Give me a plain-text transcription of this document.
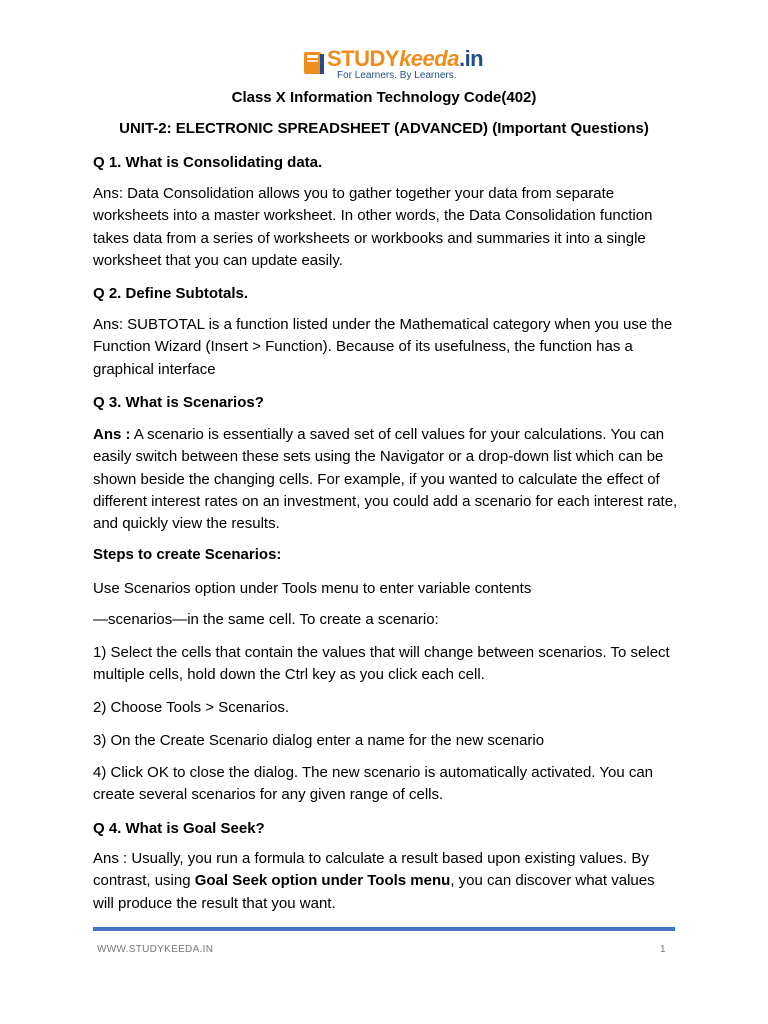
STUDYkeeda.in
For Learners. By Learners.
Class X Information Technology Code(402)
UNIT-2: ELECTRONIC SPREADSHEET (ADVANCED) (Important Questions)

Q 1. What is Consolidating data.

Ans: Data Consolidation allows you to gather together your data from separate worksheets into a master worksheet. In other words, the Data Consolidation function takes data from a series of worksheets or workbooks and summaries it into a single worksheet that you can update easily.

Q 2. Define Subtotals.

Ans: SUBTOTAL is a function listed under the Mathematical category when you use the Function Wizard (Insert > Function). Because of its usefulness, the function has a graphical interface

Q 3. What is Scenarios?

Ans : A scenario is essentially a saved set of cell values for your calculations. You can easily switch between these sets using the Navigator or a drop-down list which can be shown beside the changing cells. For example, if you wanted to calculate the effect of different interest rates on an investment, you could add a scenario for each interest rate, and quickly view the results.

Steps to create Scenarios:

Use Scenarios option under Tools menu to enter variable contents

—scenarios—in the same cell. To create a scenario:

1) Select the cells that contain the values that will change between scenarios. To select multiple cells, hold down the Ctrl key as you click each cell.

2) Choose Tools > Scenarios.

3) On the Create Scenario dialog enter a name for the new scenario

4) Click OK to close the dialog. The new scenario is automatically activated. You can create several scenarios for any given range of cells.

Q 4. What is Goal Seek?

Ans : Usually, you run a formula to calculate a result based upon existing values. By contrast, using Goal Seek option under Tools menu, you can discover what values will produce the result that you want.

WWW.STUDYKEEDA.IN	1
